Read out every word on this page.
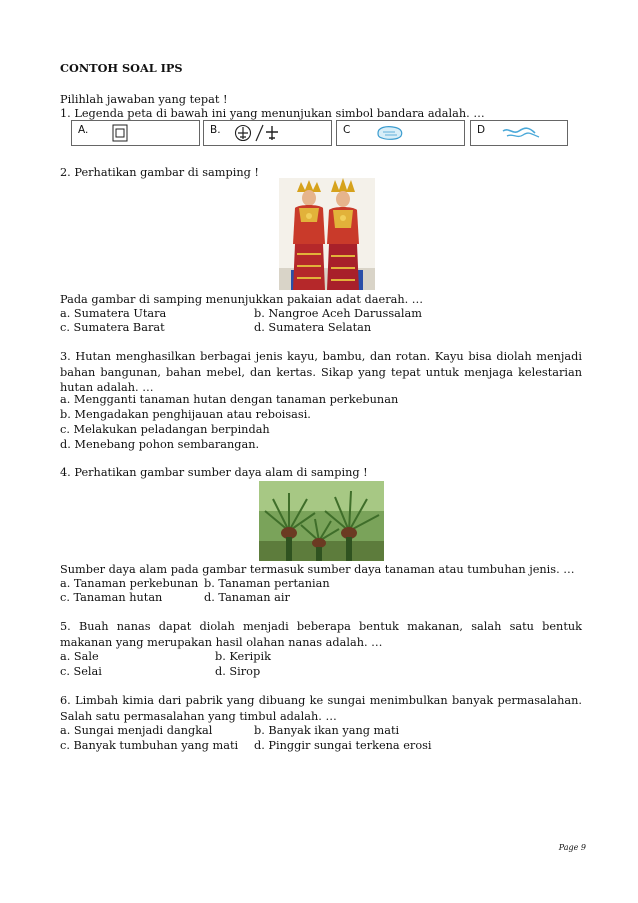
CONTOH SOAL IPS
Pilihlah jawaban yang tepat !
1. Legenda peta di bawah ini yang menunjukan simbol bandara adalah. …
A.	B.	C	D
2. Perhatikan gambar di samping !
Pada gambar di samping menunjukkan pakaian adat daerah. …
a. Sumatera Utara	b. Nangroe Aceh Darussalam
c. Sumatera Barat	d. Sumatera Selatan
3. Hutan menghasilkan berbagai jenis kayu, bambu, dan rotan. Kayu bisa diolah menjadi bahan bangunan, bahan mebel, dan kertas. Sikap yang tepat untuk menjaga kelestarian hutan adalah. …
a. Mengganti tanaman hutan dengan tanaman perkebunan
b. Mengadakan penghijauan atau reboisasi.
c. Melakukan peladangan berpindah
d. Menebang pohon sembarangan.
4. Perhatikan gambar sumber daya alam di samping !
Sumber daya alam pada gambar termasuk sumber daya tanaman atau tumbuhan jenis. …
a. Tanaman perkebunan b. Tanaman pertanian
c. Tanaman hutan	d. Tanaman air
5. Buah nanas dapat diolah menjadi beberapa bentuk makanan, salah satu bentuk makanan yang merupakan hasil olahan nanas adalah. …
a. Sale	b. Keripik
c. Selai	d. Sirop
6. Limbah kimia dari pabrik yang dibuang ke sungai menimbulkan banyak permasalahan. Salah satu permasalahan yang timbul adalah. …
a. Sungai menjadi dangkal	b. Banyak ikan yang mati
c. Banyak tumbuhan yang mati d. Pinggir sungai terkena erosi
Page 9
